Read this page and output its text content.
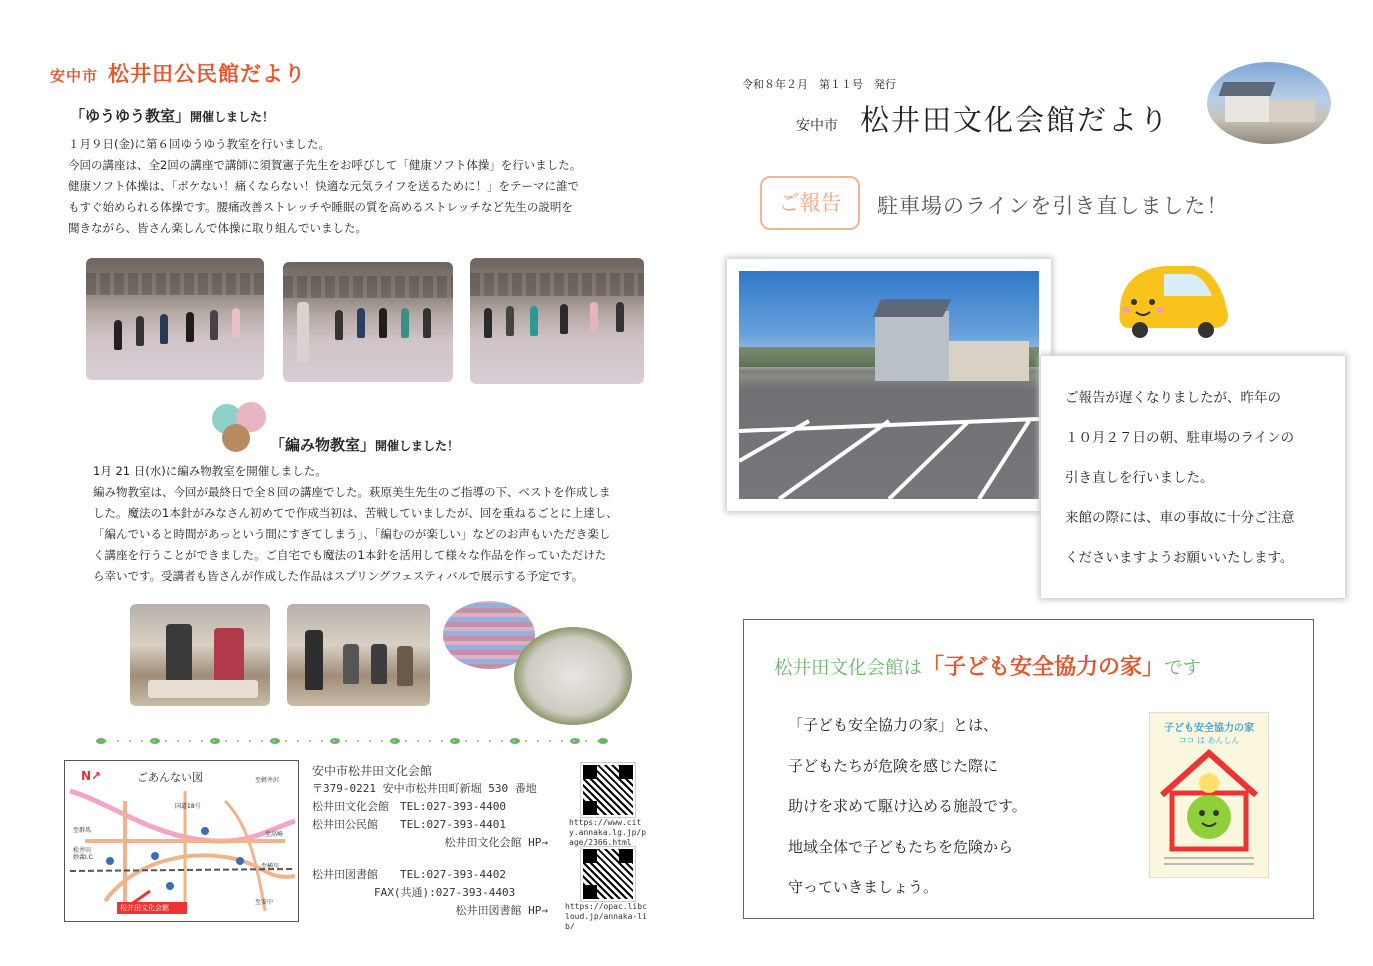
安中市 松井田公民館だより
「ゆうゆう教室」開催しました！
１月９日(金)に第６回ゆうゆう教室を行いました。
今回の講座は、全2回の講座で講師に須賀憲子先生をお呼びして「健康ソフト体操」を行いました。
健康ソフト体操は、「ボケない！痛くならない！快適な元気ライフを送るために！」をテーマに誰で
もすぐ始められる体操です。腰痛改善ストレッチや睡眠の質を高めるストレッチなど先生の説明を
聞きながら、皆さん楽しんで体操に取り組んでいました。
「編み物教室」開催しました！
1月 21 日(水)に編み物教室を開催しました。
編み物教室は、今回が最終日で全８回の講座でした。萩原美生先生のご指導の下、ベストを作成しま
した。魔法の1本針がみなさん初めてで作成当初は、苦戦していましたが、回を重ねるごとに上達し、
「編んでいると時間があっという間にすぎてしまう」、「編むのが楽しい」などのお声もいただき楽し
く講座を行うことができました。ご自宅でも魔法の1本針を活用して様々な作品を作っていただけた
ら幸いです。受講者も皆さんが作成した作品はスプリングフェスティバルで展示する予定です。
N↗	ごあんない図	至軽井沢
国道18号
至高崎
至横川
松井田妙義I.C
至群馬
至安中
松井田文化会館
安中市松井田文化会館
〒379-0221 安中市松井田町新堀 530 番地
松井田文化会館　TEL:027-393-4400
松井田公民館　　TEL:027-393-4401
松井田文化会館 HP→
松井田図書館　　TEL:027-393-4402
FAX(共通):027-393-4403
松井田図書館 HP→
https://www.city.annaka.lg.jp/page/2366.html
https://opac.libcloud.jp/annaka-lib/
令和８年２月　第１１号　発行
安中市 松井田文化会館だより
ご報告	駐車場のラインを引き直しました！
ご報告が遅くなりましたが、昨年の
１０月２７日の朝、駐車場のラインの
引き直しを行いました。
来館の際には、車の事故に十分ご注意
くださいますようお願いいたします。
松井田文化会館は「子ども安全協力の家」です
「子ども安全協力の家」とは、
子どもたちが危険を感じた際に
助けを求めて駆け込める施設です。
地域全体で子どもたちを危険から
守っていきましょう。
子ども安全協力の家
ココ は あんしん
